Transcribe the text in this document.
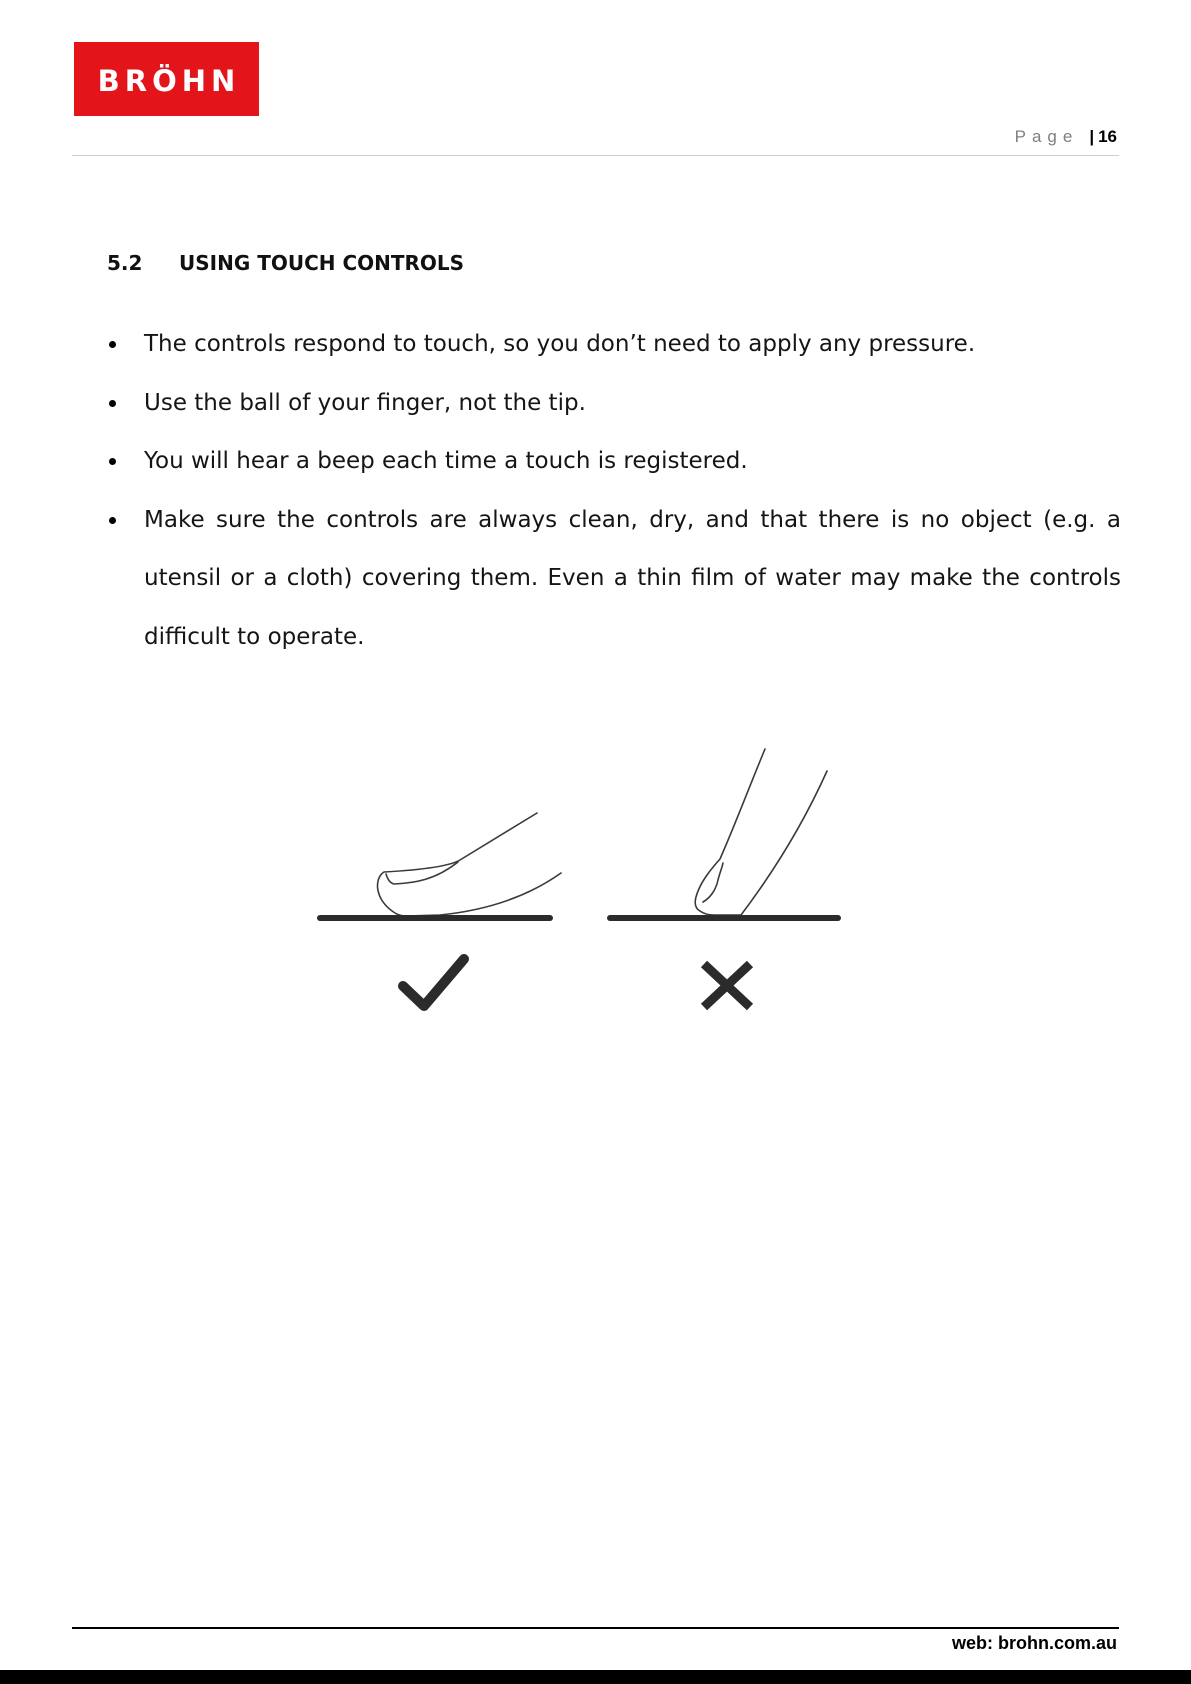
BRÖHN
Page | 16
5.2	USING TOUCH CONTROLS
The controls respond to touch, so you don’t need to apply any pressure.
Use the ball of your finger, not the tip.
You will hear a beep each time a touch is registered.
Make sure the controls are always clean, dry, and that there is no object (e.g. a utensil or a cloth) covering them. Even a thin film of water may make the controls difficult to operate.
web: brohn.com.au
